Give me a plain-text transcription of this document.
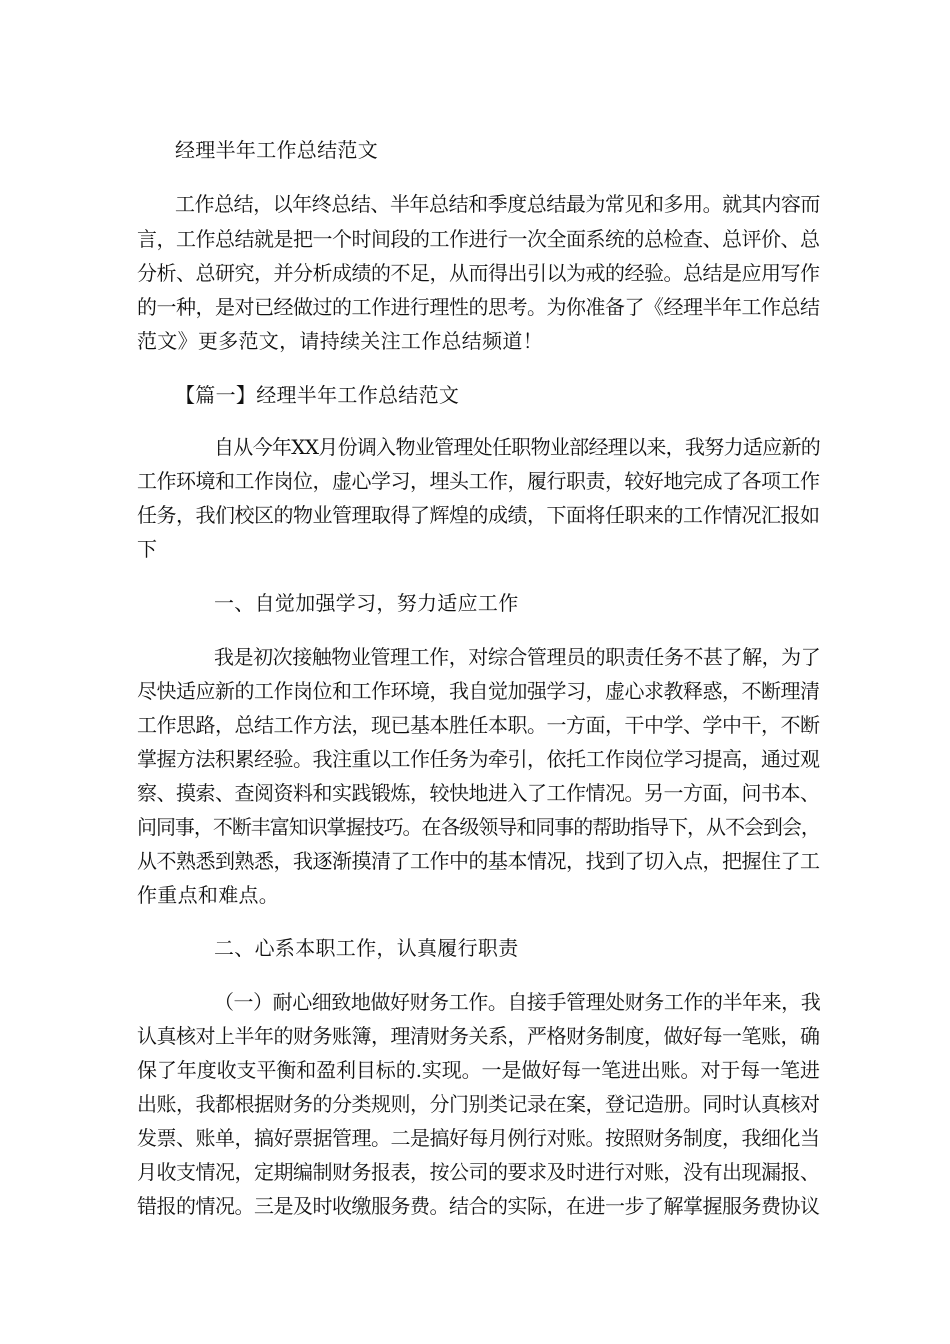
经理半年工作总结范文
工作总结，以年终总结、半年总结和季度总结最为常见和多用。就其内容而
言，工作总结就是把一个时间段的工作进行一次全面系统的总检查、总评价、总
分析、总研究，并分析成绩的不足，从而得出引以为戒的经验。总结是应用写作
的一种，是对已经做过的工作进行理性的思考。为你准备了《经理半年工作总结
范文》更多范文，请持续关注工作总结频道！
【篇一】经理半年工作总结范文
自从今年XX月份调入物业管理处任职物业部经理以来，我努力适应新的
工作环境和工作岗位，虚心学习，埋头工作，履行职责，较好地完成了各项工作
任务，我们校区的物业管理取得了辉煌的成绩，下面将任职来的工作情况汇报如
下
一、自觉加强学习，努力适应工作
我是初次接触物业管理工作，对综合管理员的职责任务不甚了解，为了
尽快适应新的工作岗位和工作环境，我自觉加强学习，虚心求教释惑，不断理清
工作思路，总结工作方法，现已基本胜任本职。一方面，干中学、学中干，不断
掌握方法积累经验。我注重以工作任务为牵引，依托工作岗位学习提高，通过观
察、摸索、查阅资料和实践锻炼，较快地进入了工作情况。另一方面，问书本、
问同事，不断丰富知识掌握技巧。在各级领导和同事的帮助指导下，从不会到会，
从不熟悉到熟悉，我逐渐摸清了工作中的基本情况，找到了切入点，把握住了工
作重点和难点。
二、心系本职工作，认真履行职责
（一）耐心细致地做好财务工作。自接手管理处财务工作的半年来，我
认真核对上半年的财务账簿，理清财务关系，严格财务制度，做好每一笔账，确
保了年度收支平衡和盈利目标的.实现。一是做好每一笔进出账。对于每一笔进
出账，我都根据财务的分类规则，分门别类记录在案，登记造册。同时认真核对
发票、账单，搞好票据管理。二是搞好每月例行对账。按照财务制度，我细化当
月收支情况，定期编制财务报表，按公司的要求及时进行对账，没有出现漏报、
错报的情况。三是及时收缴服务费。结合的实际，在进一步了解掌握服务费协议
